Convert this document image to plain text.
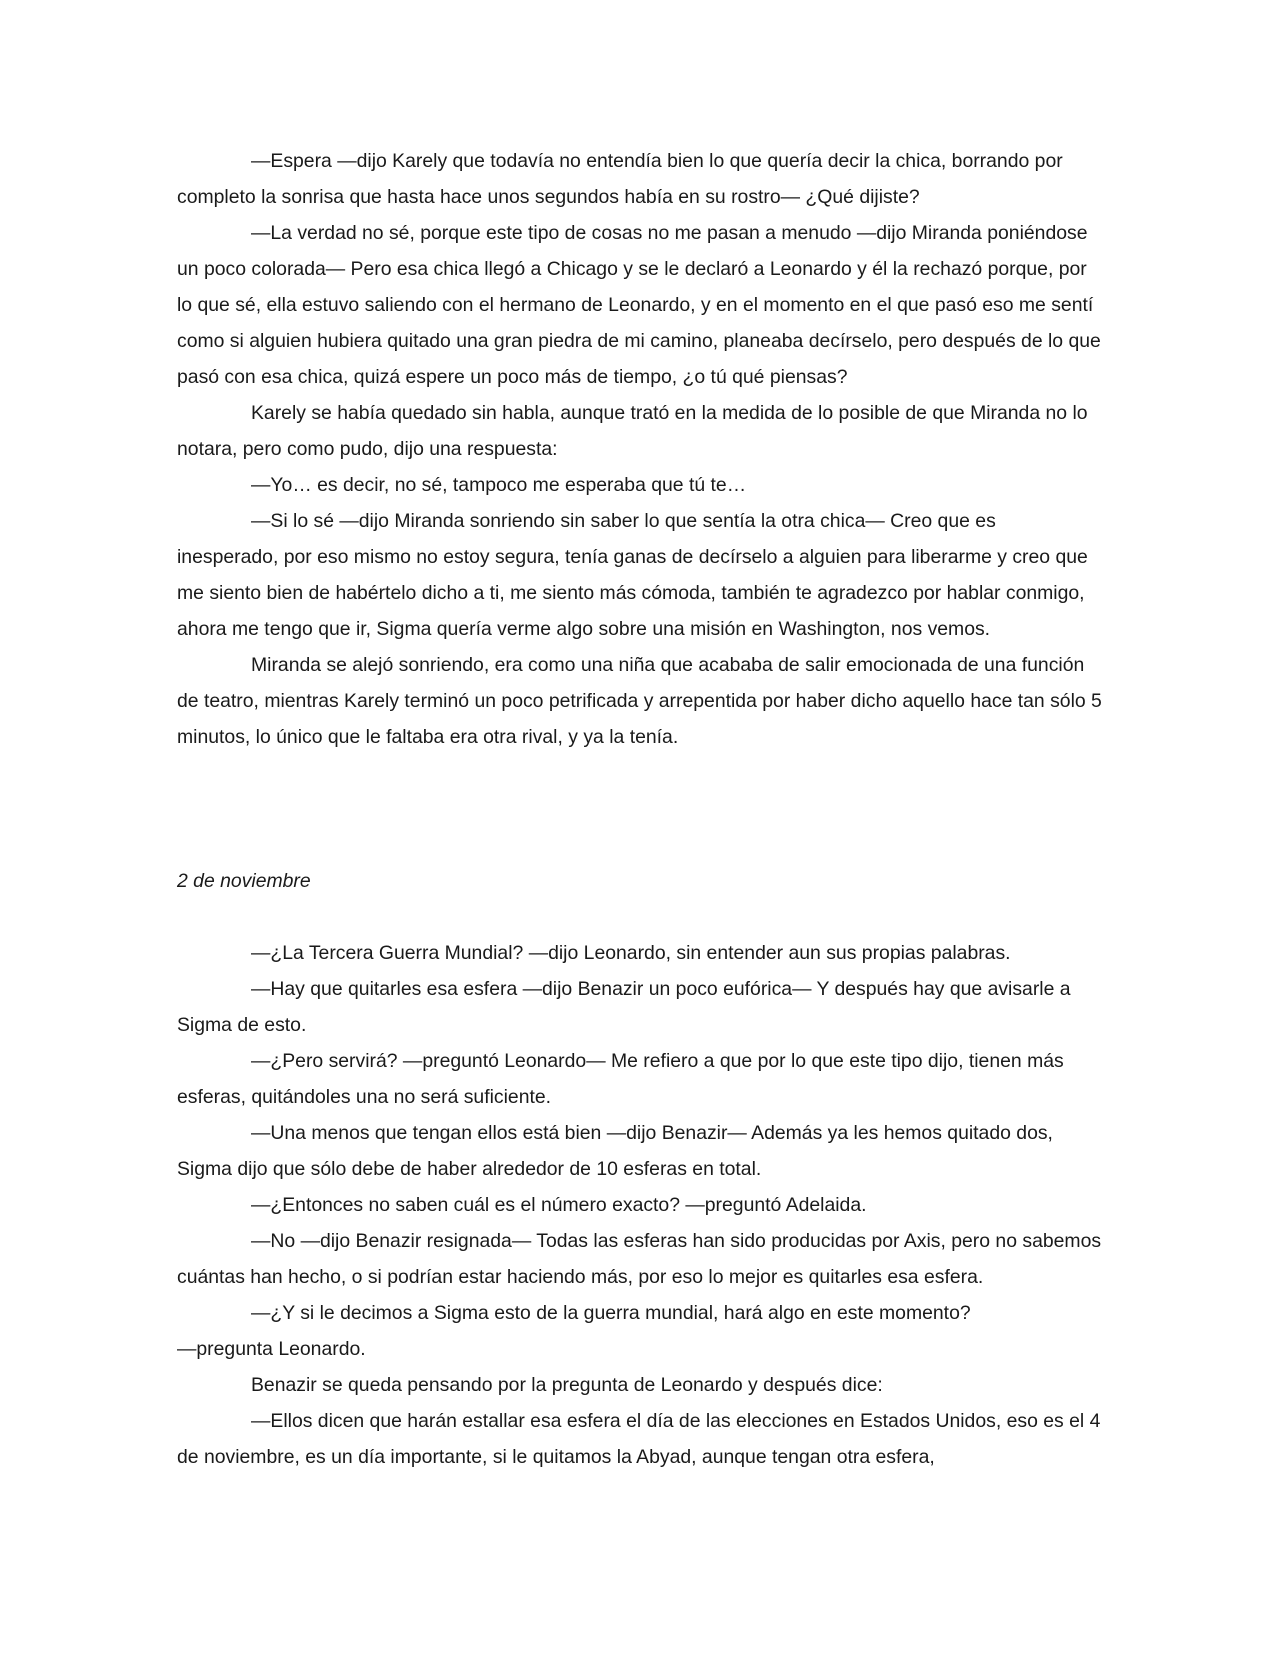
—Espera —dijo Karely que todavía no entendía bien lo que quería decir la chica, borrando por completo la sonrisa que hasta hace unos segundos había en su rostro— ¿Qué dijiste?

—La verdad no sé, porque este tipo de cosas no me pasan a menudo —dijo Miranda poniéndose un poco colorada— Pero esa chica llegó a Chicago y se le declaró a Leonardo y él la rechazó porque, por lo que sé, ella estuvo saliendo con el hermano de Leonardo, y en el momento en el que pasó eso me sentí como si alguien hubiera quitado una gran piedra de mi camino, planeaba decírselo, pero después de lo que pasó con esa chica, quizá espere un poco más de tiempo, ¿o tú qué piensas?

Karely se había quedado sin habla, aunque trató en la medida de lo posible de que Miranda no lo notara, pero como pudo, dijo una respuesta:

—Yo… es decir, no sé, tampoco me esperaba que tú te…

—Si lo sé —dijo Miranda sonriendo sin saber lo que sentía la otra chica— Creo que es inesperado, por eso mismo no estoy segura, tenía ganas de decírselo a alguien para liberarme y creo que me siento bien de habértelo dicho a ti, me siento más cómoda, también te agradezco por hablar conmigo, ahora me tengo que ir, Sigma quería verme algo sobre una misión en Washington, nos vemos.

Miranda se alejó sonriendo, era como una niña que acababa de salir emocionada de una función de teatro, mientras Karely terminó un poco petrificada y arrepentida por haber dicho aquello hace tan sólo 5 minutos, lo único que le faltaba era otra rival, y ya la tenía.

2 de noviembre

—¿La Tercera Guerra Mundial? —dijo Leonardo, sin entender aun sus propias palabras.

—Hay que quitarles esa esfera —dijo Benazir un poco eufórica— Y después hay que avisarle a Sigma de esto.

—¿Pero servirá? —preguntó Leonardo— Me refiero a que por lo que este tipo dijo, tienen más esferas, quitándoles una no será suficiente.

—Una menos que tengan ellos está bien —dijo Benazir— Además ya les hemos quitado dos, Sigma dijo que sólo debe de haber alrededor de 10 esferas en total.

—¿Entonces no saben cuál es el número exacto? —preguntó Adelaida.

—No —dijo Benazir resignada— Todas las esferas han sido producidas por Axis, pero no sabemos cuántas han hecho, o si podrían estar haciendo más, por eso lo mejor es quitarles esa esfera.

—¿Y si le decimos a Sigma esto de la guerra mundial, hará algo en este momento?

—pregunta Leonardo.

Benazir se queda pensando por la pregunta de Leonardo y después dice:

—Ellos dicen que harán estallar esa esfera el día de las elecciones en Estados Unidos, eso es el 4 de noviembre, es un día importante, si le quitamos la Abyad, aunque tengan otra esfera,
